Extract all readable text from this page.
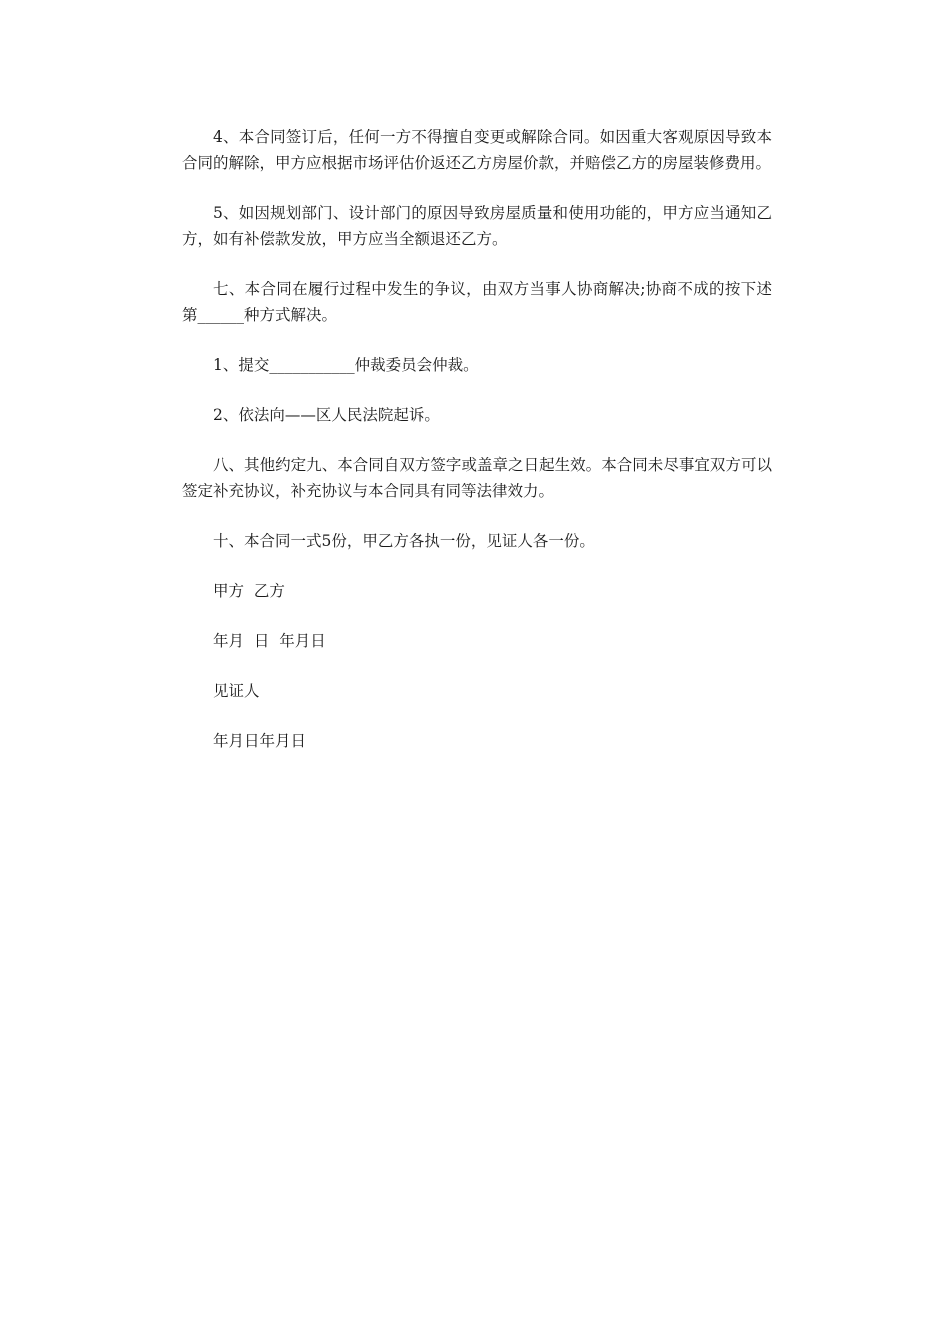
4、本合同签订后，任何一方不得擅自变更或解除合同。如因重大客观原因导致本合同的解除，甲方应根据市场评估价返还乙方房屋价款，并赔偿乙方的房屋装修费用。

5、如因规划部门、设计部门的原因导致房屋质量和使用功能的，甲方应当通知乙方，如有补偿款发放，甲方应当全额退还乙方。

七、本合同在履行过程中发生的争议，由双方当事人协商解决;协商不成的按下述第______种方式解决。

1、提交___________仲裁委员会仲裁。

2、依法向——区人民法院起诉。

八、其他约定九、本合同自双方签字或盖章之日起生效。本合同未尽事宜双方可以签定补充协议，补充协议与本合同具有同等法律效力。

十、本合同一式5份，甲乙方各执一份，见证人各一份。

甲方  乙方

年月  日  年月日

见证人

年月日年月日
